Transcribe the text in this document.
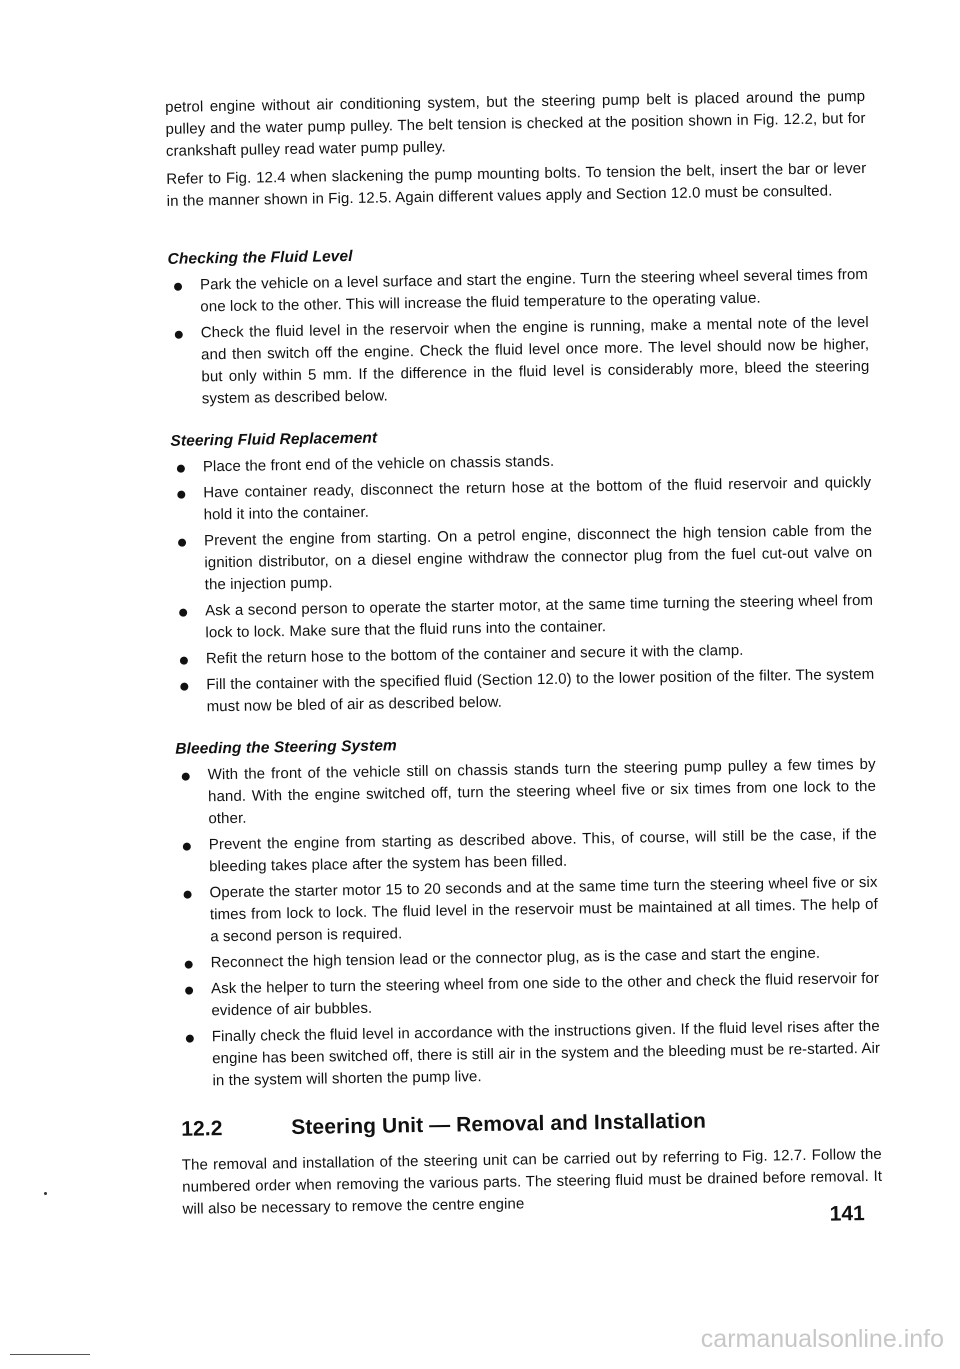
petrol engine without air conditioning system, but the steering pump belt is placed around the pump pulley and the water pump pulley. The belt tension is checked at the position shown in Fig. 12.2, but for crankshaft pulley read water pump pulley.

Refer to Fig. 12.4 when slackening the pump mounting bolts. To tension the belt, insert the bar or lever in the manner shown in Fig. 12.5. Again different values apply and Section 12.0 must be consulted.

Checking the Fluid Level
Park the vehicle on a level surface and start the engine. Turn the steering wheel several times from one lock to the other. This will increase the fluid temperature to the operating value.
Check the fluid level in the reservoir when the engine is running, make a mental note of the level and then switch off the engine. Check the fluid level once more. The level should now be higher, but only within 5 mm. If the difference in the fluid level is considerably more, bleed the steering system as described below.
Steering Fluid Replacement
Place the front end of the vehicle on chassis stands.
Have container ready, disconnect the return hose at the bottom of the fluid reservoir and quickly hold it into the container.
Prevent the engine from starting. On a petrol engine, disconnect the high tension cable from the ignition distributor, on a diesel engine withdraw the connector plug from the fuel cut-out valve on the injection pump.
Ask a second person to operate the starter motor, at the same time turning the steering wheel from lock to lock. Make sure that the fluid runs into the container.
Refit the return hose to the bottom of the container and secure it with the clamp.
Fill the container with the specified fluid (Section 12.0) to the lower position of the filter. The system must now be bled of air as described below.
Bleeding the Steering System
With the front of the vehicle still on chassis stands turn the steering pump pulley a few times by hand. With the engine switched off, turn the steering wheel five or six times from one lock to the other.
Prevent the engine from starting as described above. This, of course, will still be the case, if the bleeding takes place after the system has been filled.
Operate the starter motor 15 to 20 seconds and at the same time turn the steering wheel five or six times from lock to lock. The fluid level in the reservoir must be maintained at all times. The help of a second person is required.
Reconnect the high tension lead or the connector plug, as is the case and start the engine.
Ask the helper to turn the steering wheel from one side to the other and check the fluid reservoir for evidence of air bubbles.
Finally check the fluid level in accordance with the instructions given. If the fluid level rises after the engine has been switched off, there is still air in the system and the bleeding must be re-started. Air in the system will shorten the pump live.
12.2	Steering Unit — Removal and Installation

The removal and installation of the steering unit can be carried out by referring to Fig. 12.7. Follow the numbered order when removing the various parts. The steering fluid must be drained before removal. It will also be necessary to remove the centre engine	141
carmanualsonline.info
